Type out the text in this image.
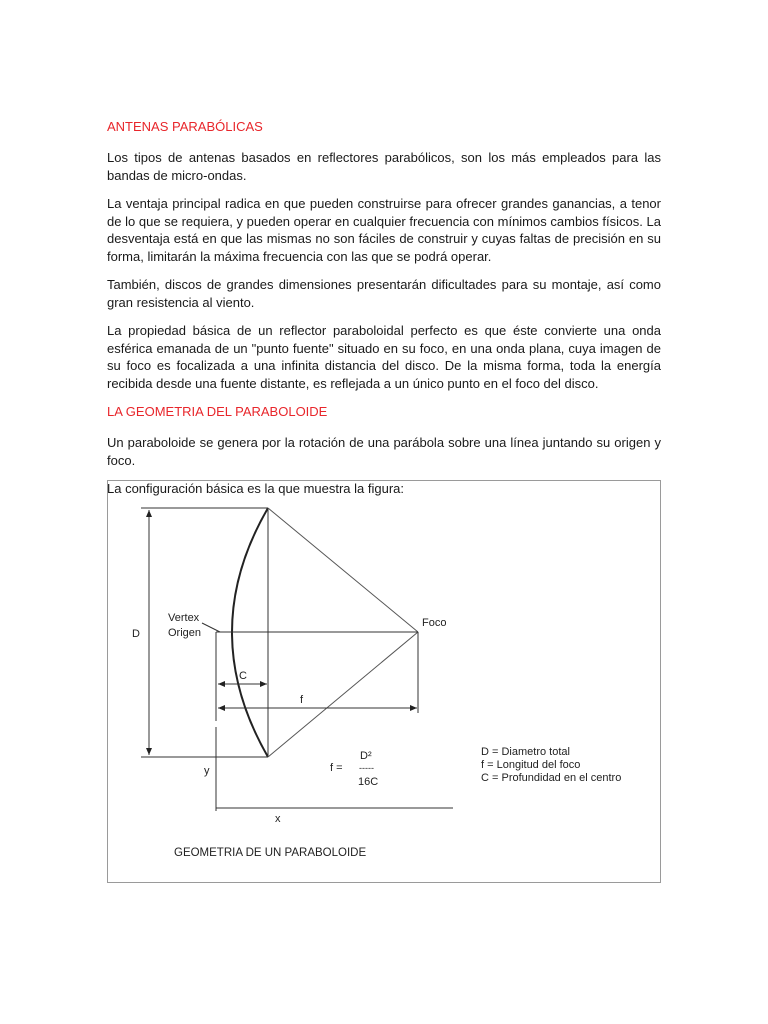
ANTENAS PARABÓLICAS

Los tipos de antenas basados en reflectores parabólicos, son los más empleados para las bandas de micro-ondas.

La ventaja principal radica en que pueden construirse para ofrecer grandes ganancias, a tenor de lo que se requiera, y pueden operar en cualquier frecuencia con mínimos cambios físicos. La desventaja está en que las mismas no son fáciles de construir y cuyas faltas de precisión en su forma, limitarán la máxima frecuencia con las que se podrá operar.

También, discos de grandes dimensiones presentarán dificultades para su montaje, así como gran resistencia al viento.

La propiedad básica de un reflector paraboloidal perfecto es que éste convierte una onda esférica emanada de un "punto fuente" situado en su foco, en una onda plana, cuya imagen de su foco es focalizada a una infinita distancia del disco. De la misma forma, toda la energía recibida desde una fuente distante, es reflejada a un único punto en el foco del disco.

LA GEOMETRIA DEL PARABOLOIDE

Un paraboloide se genera por la rotación de una parábola sobre una línea juntando su origen y foco.

La configuración básica es la que muestra la figura:

D
Vertex
Origen
Foco
C
f
y
x
f =
D²
-----
16C
D = Diametro total
f = Longitud del foco
C = Profundidad en el centro
GEOMETRIA DE UN PARABOLOIDE
